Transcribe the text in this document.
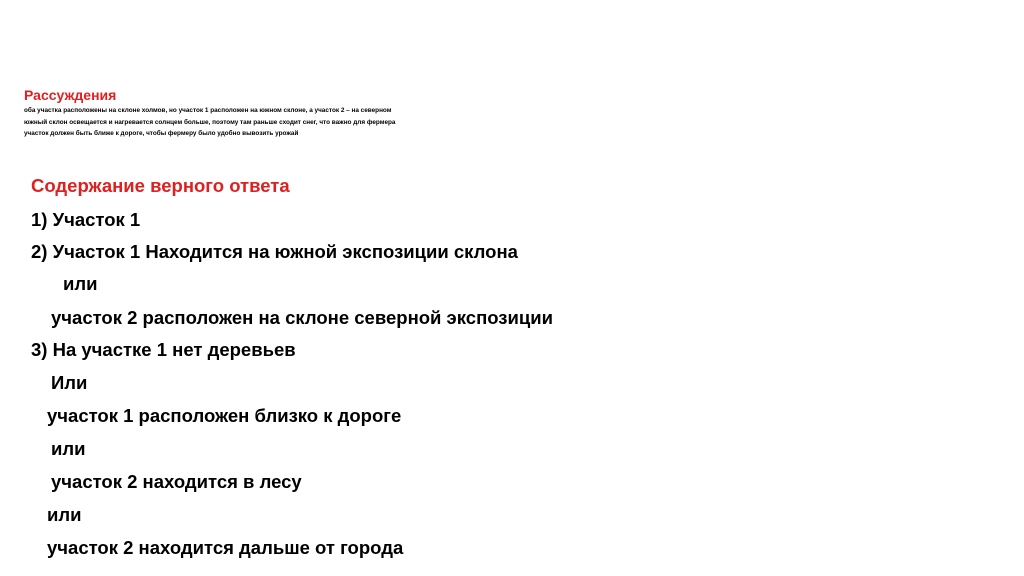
Рассуждения
оба участка расположены на склоне холмов, но участок 1 расположен на южном склоне, а участок 2 – на северном
южный склон освещается и нагревается солнцем больше, поэтому там раньше сходит снег, что важно для фермера
участок должен быть ближе к дороге, чтобы фермеру было удобно вывозить урожай
Содержание верного ответа
1) Участок 1
2) Участок 1 Находится на южной экспозиции склона
или
участок 2 расположен на склоне северной экспозиции
3) На участке 1 нет деревьев
Или
участок 1 расположен близко к дороге
или
участок 2 находится в лесу
или
участок 2 находится дальше от города
